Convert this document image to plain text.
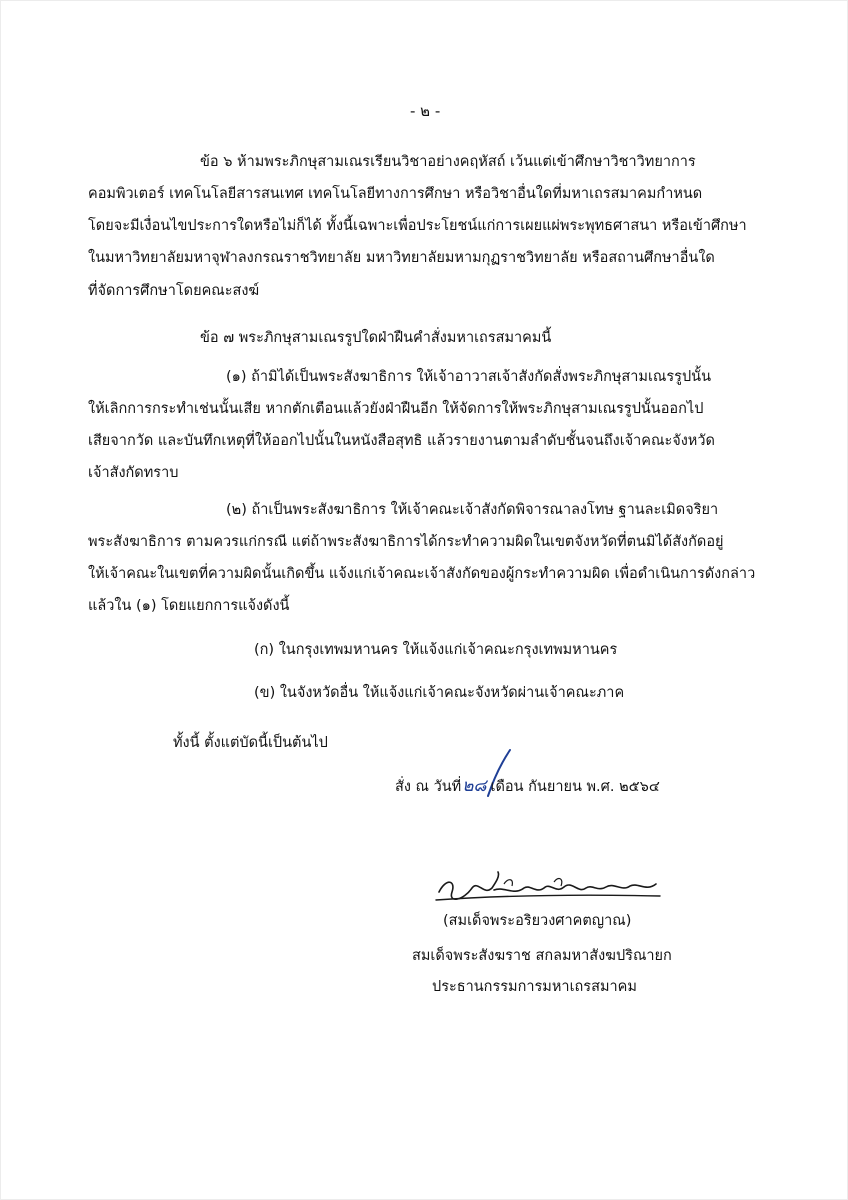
- ๒ -
ข้อ ๖ ห้ามพระภิกษุสามเณรเรียนวิชาอย่างคฤหัสถ์ เว้นแต่เข้าศึกษาวิชาวิทยาการ
คอมพิวเตอร์ เทคโนโลยีสารสนเทศ เทคโนโลยีทางการศึกษา หรือวิชาอื่นใดที่มหาเถรสมาคมกำหนด
โดยจะมีเงื่อนไขประการใดหรือไม่ก็ได้ ทั้งนี้เฉพาะเพื่อประโยชน์แก่การเผยแผ่พระพุทธศาสนา หรือเข้าศึกษา
ในมหาวิทยาลัยมหาจุฬาลงกรณราชวิทยาลัย มหาวิทยาลัยมหามกุฏราชวิทยาลัย หรือสถานศึกษาอื่นใด
ที่จัดการศึกษาโดยคณะสงฆ์
ข้อ ๗ พระภิกษุสามเณรรูปใดฝ่าฝืนคำสั่งมหาเถรสมาคมนี้
(๑) ถ้ามิได้เป็นพระสังฆาธิการ ให้เจ้าอาวาสเจ้าสังกัดสั่งพระภิกษุสามเณรรูปนั้น
ให้เลิกการกระทำเช่นนั้นเสีย หากตักเตือนแล้วยังฝ่าฝืนอีก ให้จัดการให้พระภิกษุสามเณรรูปนั้นออกไป
เสียจากวัด และบันทึกเหตุที่ให้ออกไปนั้นในหนังสือสุทธิ แล้วรายงานตามลำดับชั้นจนถึงเจ้าคณะจังหวัด
เจ้าสังกัดทราบ
(๒) ถ้าเป็นพระสังฆาธิการ ให้เจ้าคณะเจ้าสังกัดพิจารณาลงโทษ ฐานละเมิดจริยา
พระสังฆาธิการ ตามควรแก่กรณี แต่ถ้าพระสังฆาธิการได้กระทำความผิดในเขตจังหวัดที่ตนมิได้สังกัดอยู่
ให้เจ้าคณะในเขตที่ความผิดนั้นเกิดขึ้น แจ้งแก่เจ้าคณะเจ้าสังกัดของผู้กระทำความผิด เพื่อดำเนินการดังกล่าว
แล้วใน (๑) โดยแยกการแจ้งดังนี้
(ก) ในกรุงเทพมหานคร ให้แจ้งแก่เจ้าคณะกรุงเทพมหานคร
(ข) ในจังหวัดอื่น ให้แจ้งแก่เจ้าคณะจังหวัดผ่านเจ้าคณะภาค
ทั้งนี้ ตั้งแต่บัดนี้เป็นต้นไป
สั่ง ณ วันที่๒๘ เดือน กันยายน พ.ศ. ๒๕๖๔
(สมเด็จพระอริยวงศาคตญาณ)
สมเด็จพระสังฆราช สกลมหาสังฆปริณายก
ประธานกรรมการมหาเถรสมาคม
